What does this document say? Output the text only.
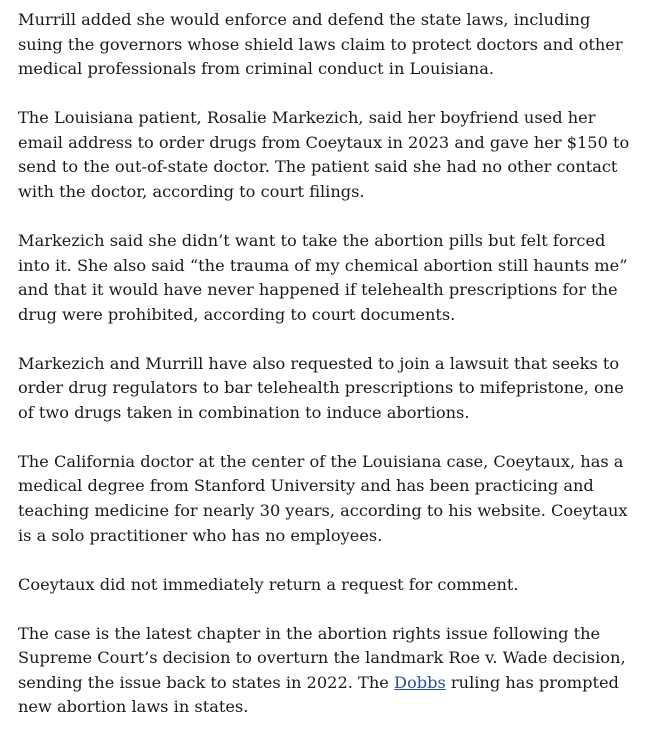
Murrill added she would enforce and defend the state laws, including suing the governors whose shield laws claim to protect doctors and other medical professionals from criminal conduct in Louisiana.

The Louisiana patient, Rosalie Markezich, said her boyfriend used her email address to order drugs from Coeytaux in 2023 and gave her $150 to send to the out-of-state doctor. The patient said she had no other contact with the doctor, according to court filings.

Markezich said she didn’t want to take the abortion pills but felt forced into it. She also said “the trauma of my chemical abortion still haunts me” and that it would have never happened if telehealth prescriptions for the drug were prohibited, according to court documents.

Markezich and Murrill have also requested to join a lawsuit that seeks to order drug regulators to bar telehealth prescriptions to mifepristone, one of two drugs taken in combination to induce abortions.

The California doctor at the center of the Louisiana case, Coeytaux, has a medical degree from Stanford University and has been practicing and teaching medicine for nearly 30 years, according to his website. Coeytaux is a solo practitioner who has no employees.

Coeytaux did not immediately return a request for comment.

The case is the latest chapter in the abortion rights issue following the Supreme Court’s decision to overturn the landmark Roe v. Wade decision, sending the issue back to states in 2022. The Dobbs ruling has prompted new abortion laws in states.
